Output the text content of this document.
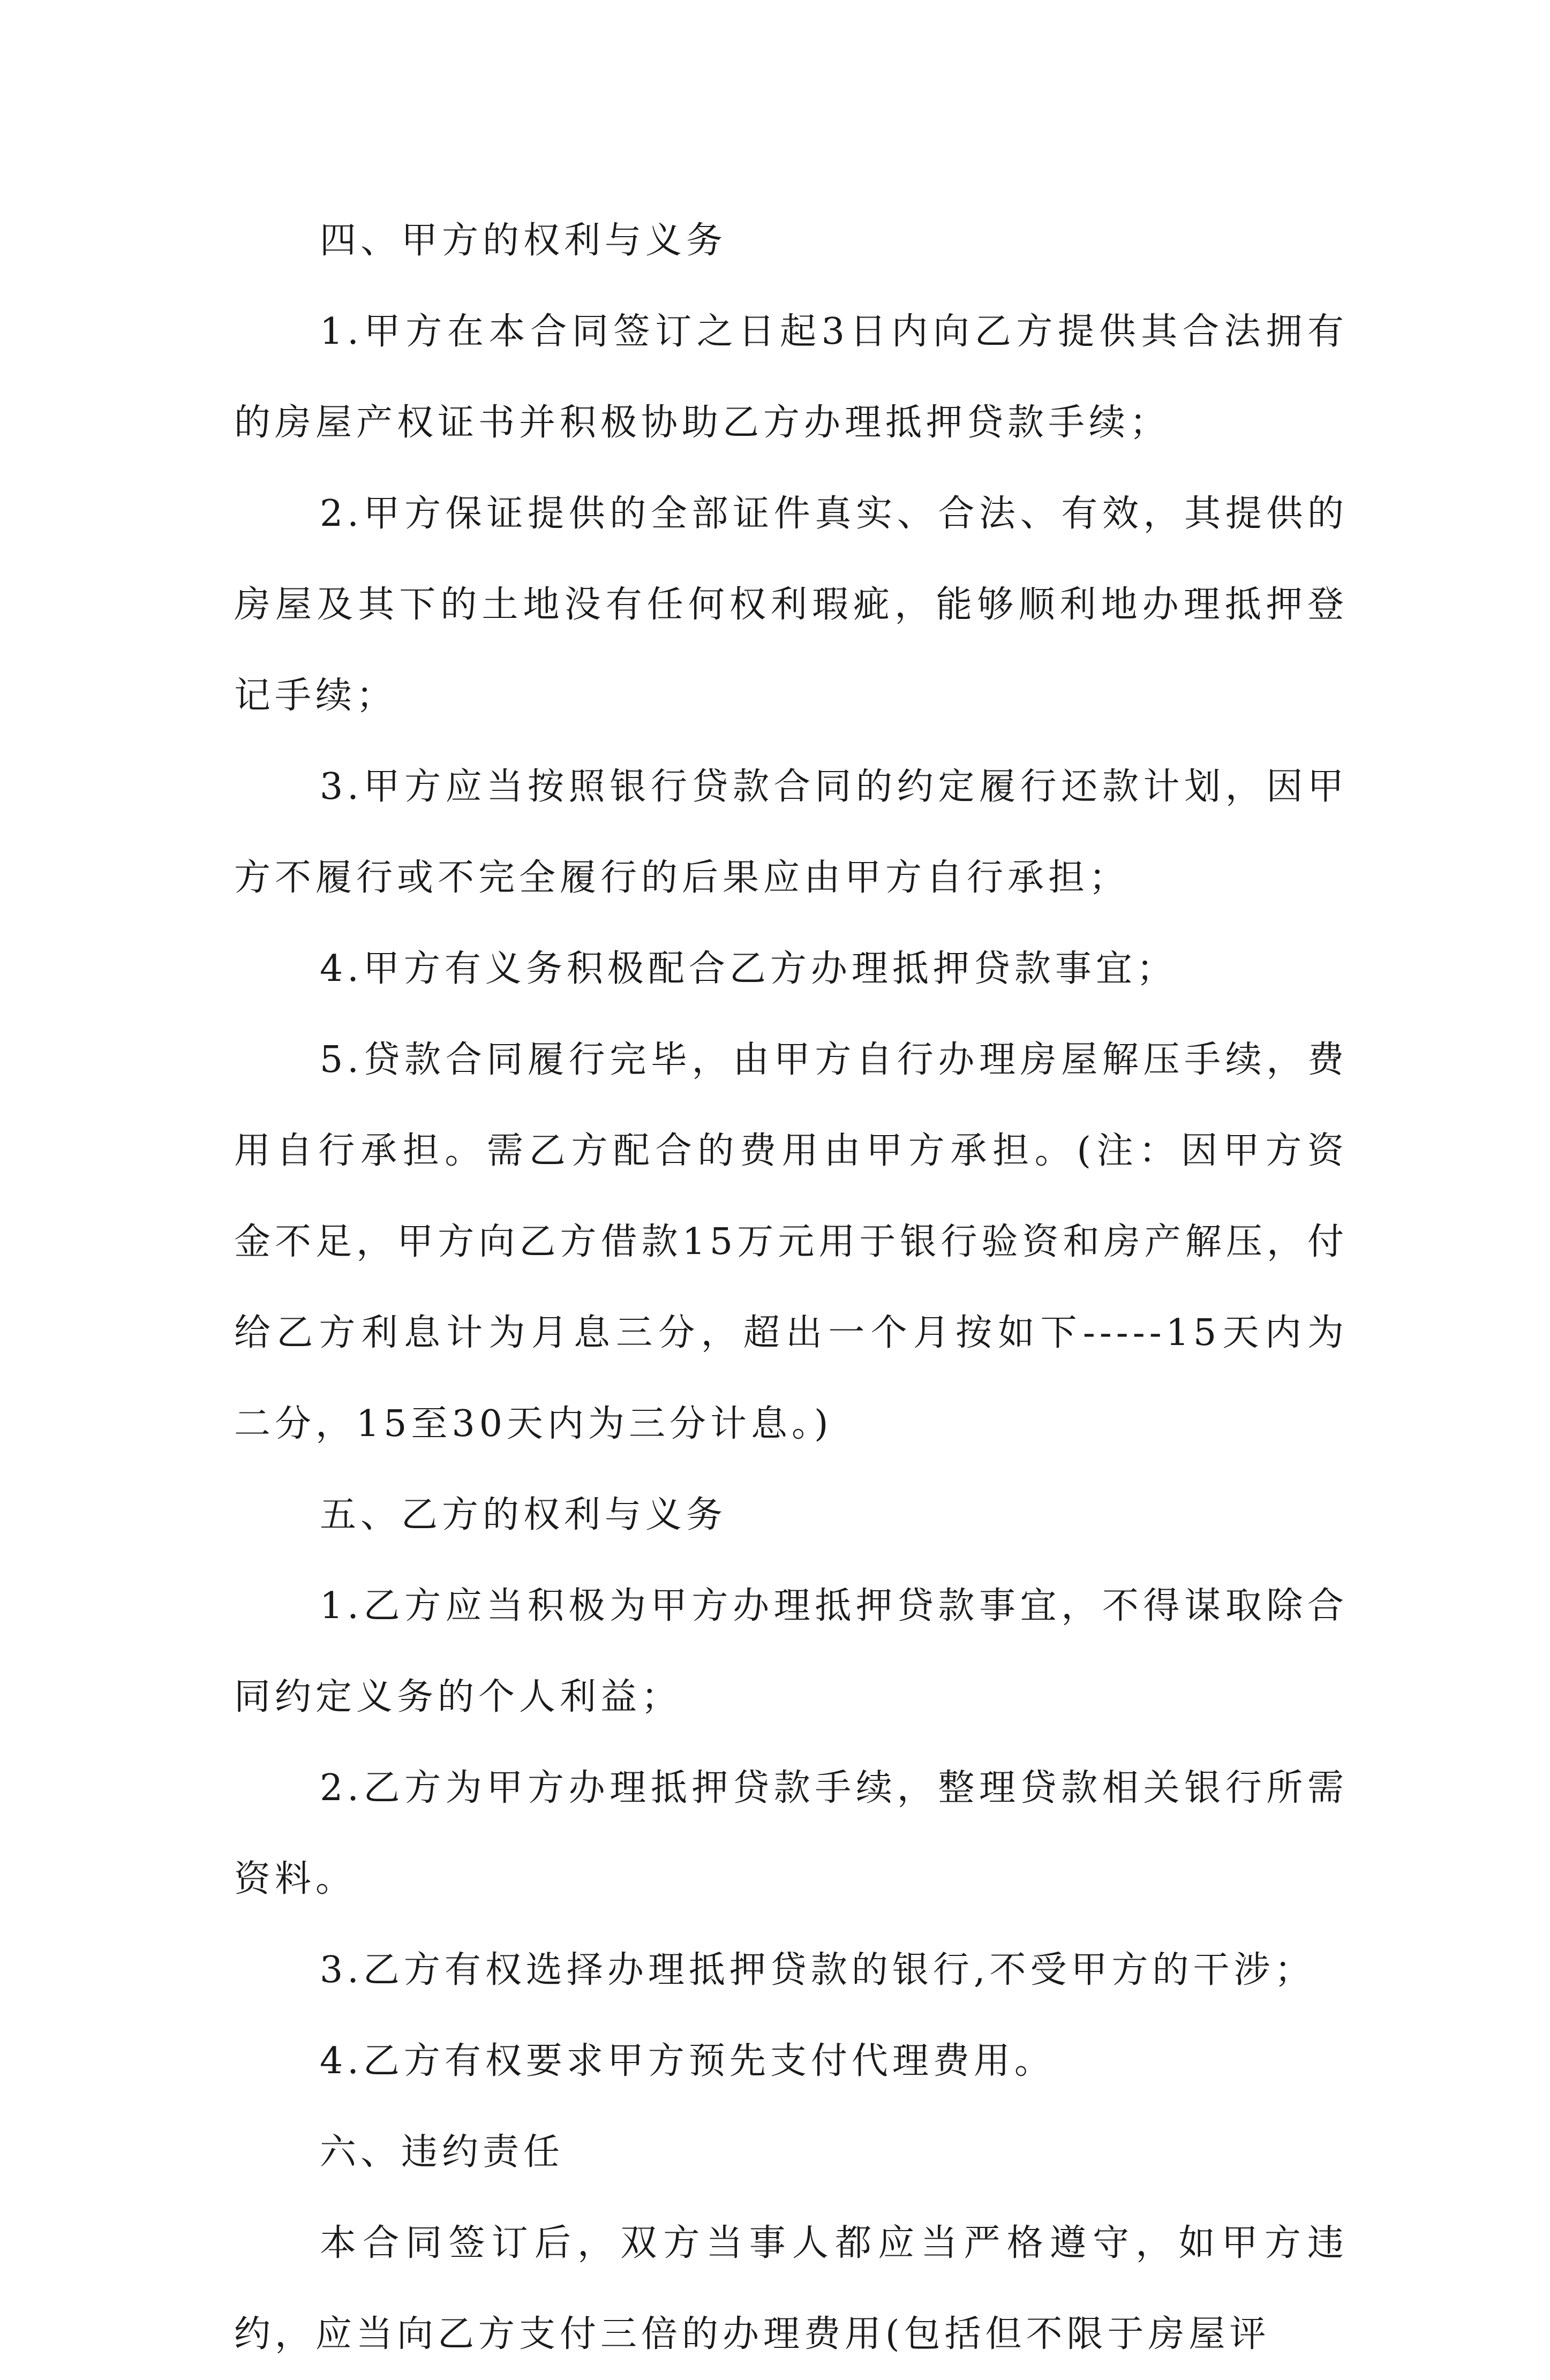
四、甲方的权利与义务

1.甲方在本合同签订之日起3日内向乙方提供其合法拥有的房屋产权证书并积极协助乙方办理抵押贷款手续；

2.甲方保证提供的全部证件真实、合法、有效，其提供的房屋及其下的土地没有任何权利瑕疵，能够顺利地办理抵押登记手续；

3.甲方应当按照银行贷款合同的约定履行还款计划，因甲方不履行或不完全履行的后果应由甲方自行承担；

4.甲方有义务积极配合乙方办理抵押贷款事宜；

5.贷款合同履行完毕，由甲方自行办理房屋解压手续，费用自行承担。需乙方配合的费用由甲方承担。(注：因甲方资金不足，甲方向乙方借款15万元用于银行验资和房产解压，付给乙方利息计为月息三分，超出一个月按如下-----15天内为二分，15至30天内为三分计息。)

五、乙方的权利与义务

1.乙方应当积极为甲方办理抵押贷款事宜，不得谋取除合同约定义务的个人利益；

2.乙方为甲方办理抵押贷款手续，整理贷款相关银行所需资料。

3.乙方有权选择办理抵押贷款的银行,不受甲方的干涉；

4.乙方有权要求甲方预先支付代理费用。

六、违约责任

本合同签订后，双方当事人都应当严格遵守，如甲方违约，应当向乙方支付三倍的办理费用(包括但不限于房屋评
